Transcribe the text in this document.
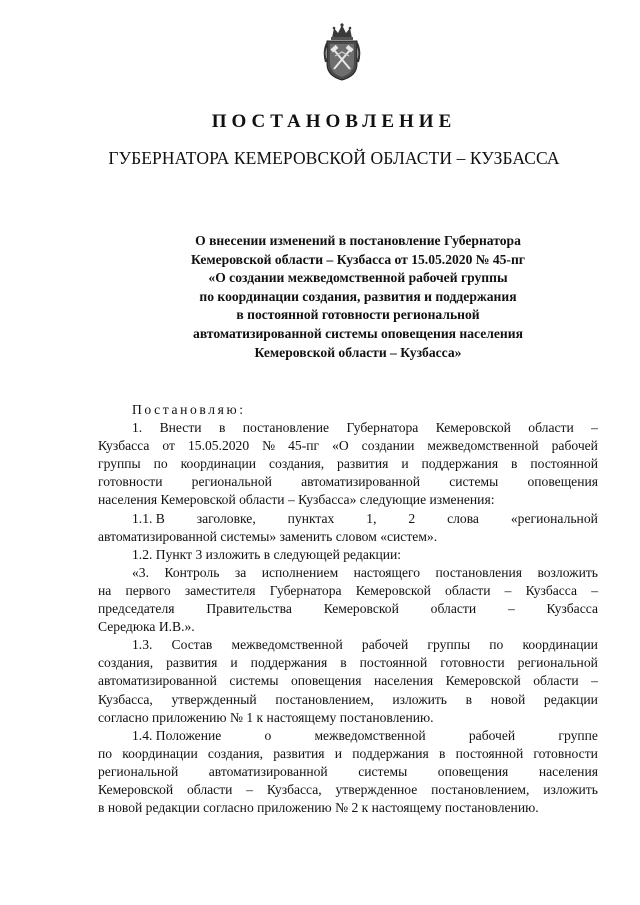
ПОСТАНОВЛЕНИЕ
ГУБЕРНАТОРА КЕМЕРОВСКОЙ ОБЛАСТИ – КУЗБАССА
О внесении изменений в постановление Губернатора
Кемеровской области – Кузбасса от 15.05.2020 № 45-пг
«О создании межведомственной рабочей группы
по координации создания, развития и поддержания
в постоянной готовности региональной
автоматизированной системы оповещения населения
Кемеровской области – Кузбасса»
Постановляю:
1. Внести в постановление Губернатора Кемеровской области –
Кузбасса от 15.05.2020 № 45-пг «О создании межведомственной рабочей
группы по координации создания, развития и поддержания в постоянной
готовности региональной автоматизированной системы оповещения
населения Кемеровской области – Кузбасса» следующие изменения:
1.1. В заголовке, пунктах 1, 2 слова «региональной
автоматизированной системы» заменить словом «систем».
1.2. Пункт 3 изложить в следующей редакции:
«3. Контроль за исполнением настоящего постановления возложить
на первого заместителя Губернатора Кемеровской области – Кузбасса –
председателя Правительства Кемеровской области – Кузбасса
Середюка И.В.».
1.3. Состав межведомственной рабочей группы по координации
создания, развития и поддержания в постоянной готовности региональной
автоматизированной системы оповещения населения Кемеровской области –
Кузбасса, утвержденный постановлением, изложить в новой редакции
согласно приложению № 1 к настоящему постановлению.
1.4. Положение	о	межведомственной	рабочей	группе
по координации создания, развития и поддержания в постоянной готовности
региональной автоматизированной системы оповещения населения
Кемеровской области – Кузбасса, утвержденное постановлением, изложить
в новой редакции согласно приложению № 2 к настоящему постановлению.
